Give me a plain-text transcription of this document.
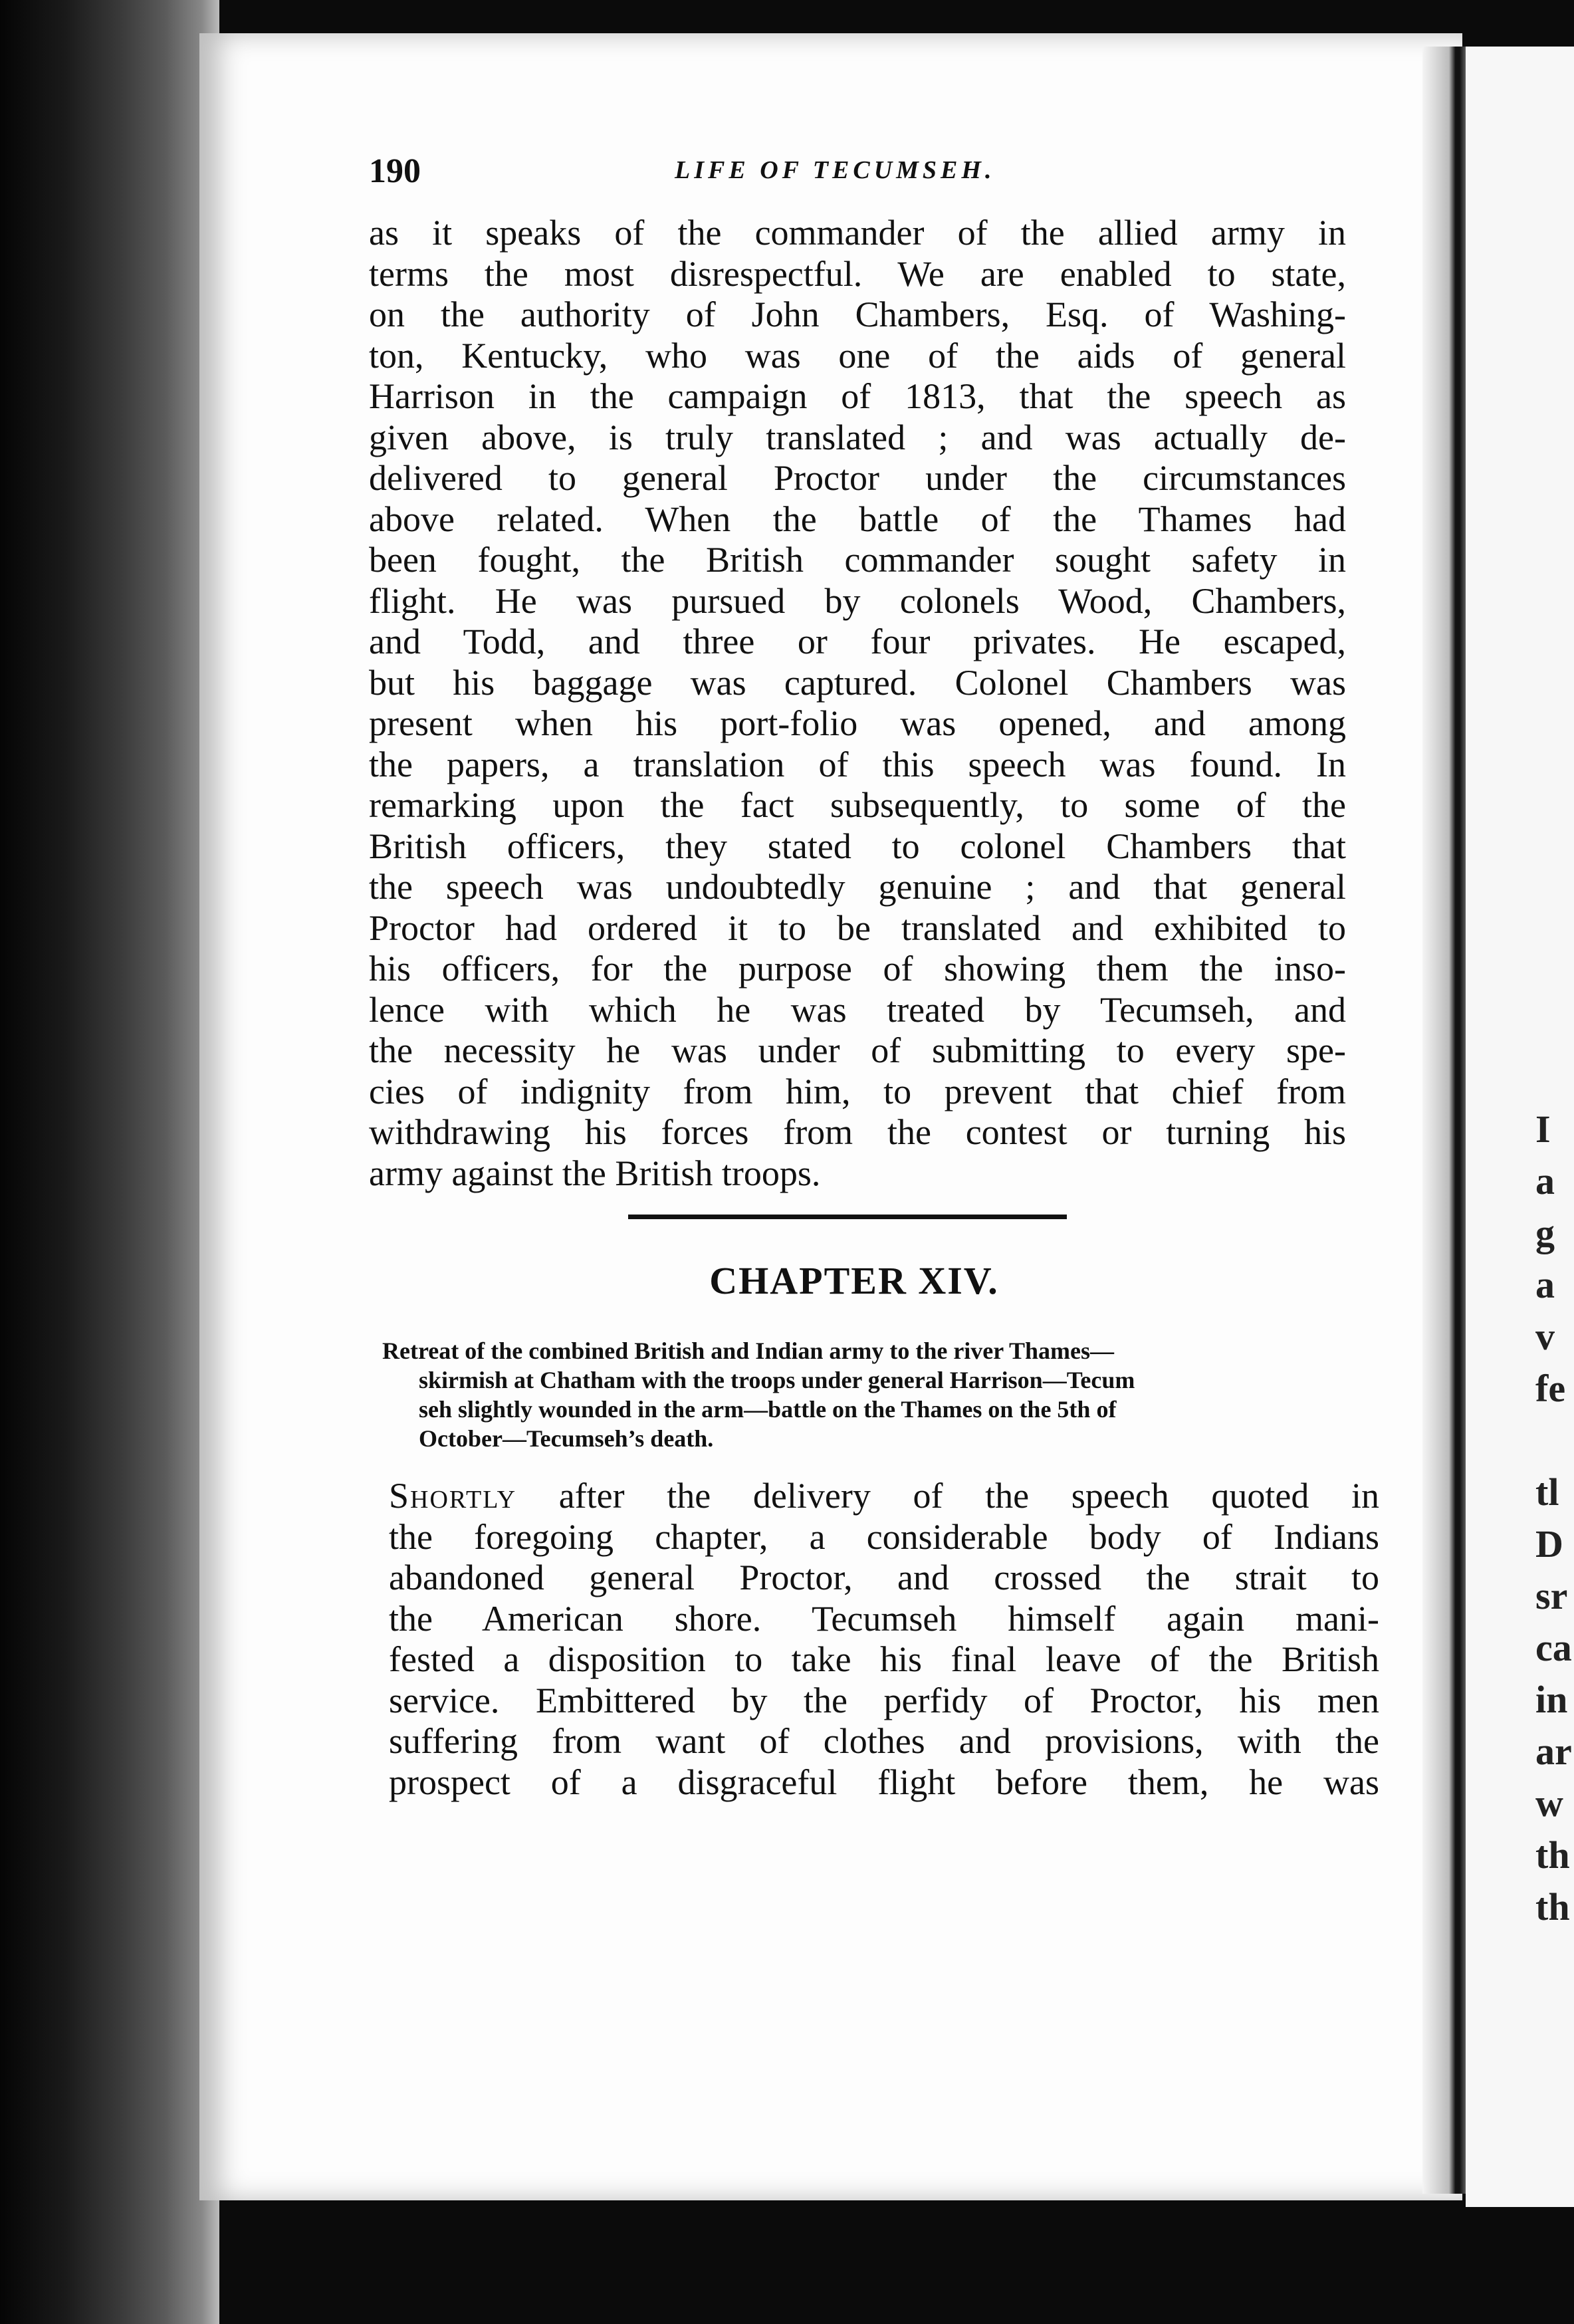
I
a
g
a
v
fe
tl
D
sr
ca
in
ar
w
th
th
190	LIFE OF TECUMSEH.
as it speaks of the commander of the allied army in
terms the most disrespectful. We are enabled to state,
on the authority of John Chambers, Esq. of Washing-
ton, Kentucky, who was one of the aids of general
Harrison in the campaign of 1813, that the speech as
given above, is truly translated ; and was actually de-
delivered to general Proctor under the circumstances
above related. When the battle of the Thames had
been fought, the British commander sought safety in
flight. He was pursued by colonels Wood, Chambers,
and Todd, and three or four privates. He escaped,
but his baggage was captured. Colonel Chambers was
present when his port-folio was opened, and among
the papers, a translation of this speech was found. In
remarking upon the fact subsequently, to some of the
British officers, they stated to colonel Chambers that
the speech was undoubtedly genuine ; and that general
Proctor had ordered it to be translated and exhibited to
his officers, for the purpose of showing them the inso-
lence with which he was treated by Tecumseh, and
the necessity he was under of submitting to every spe-
cies of indignity from him, to prevent that chief from
withdrawing his forces from the contest or turning his
army against the British troops.
CHAPTER XIV.
Retreat of the combined British and Indian army to the river Thames—
skirmish at Chatham with the troops under general Harrison—Tecum
seh slightly wounded in the arm—battle on the Thames on the 5th of
October—Tecumseh’s death.
Shortly after the delivery of the speech quoted in
the foregoing chapter, a considerable body of Indians
abandoned general Proctor, and crossed the strait to
the American shore. Tecumseh himself again mani-
fested a disposition to take his final leave of the British
service. Embittered by the perfidy of Proctor, his men
suffering from want of clothes and provisions, with the
prospect of a disgraceful flight before them, he was
